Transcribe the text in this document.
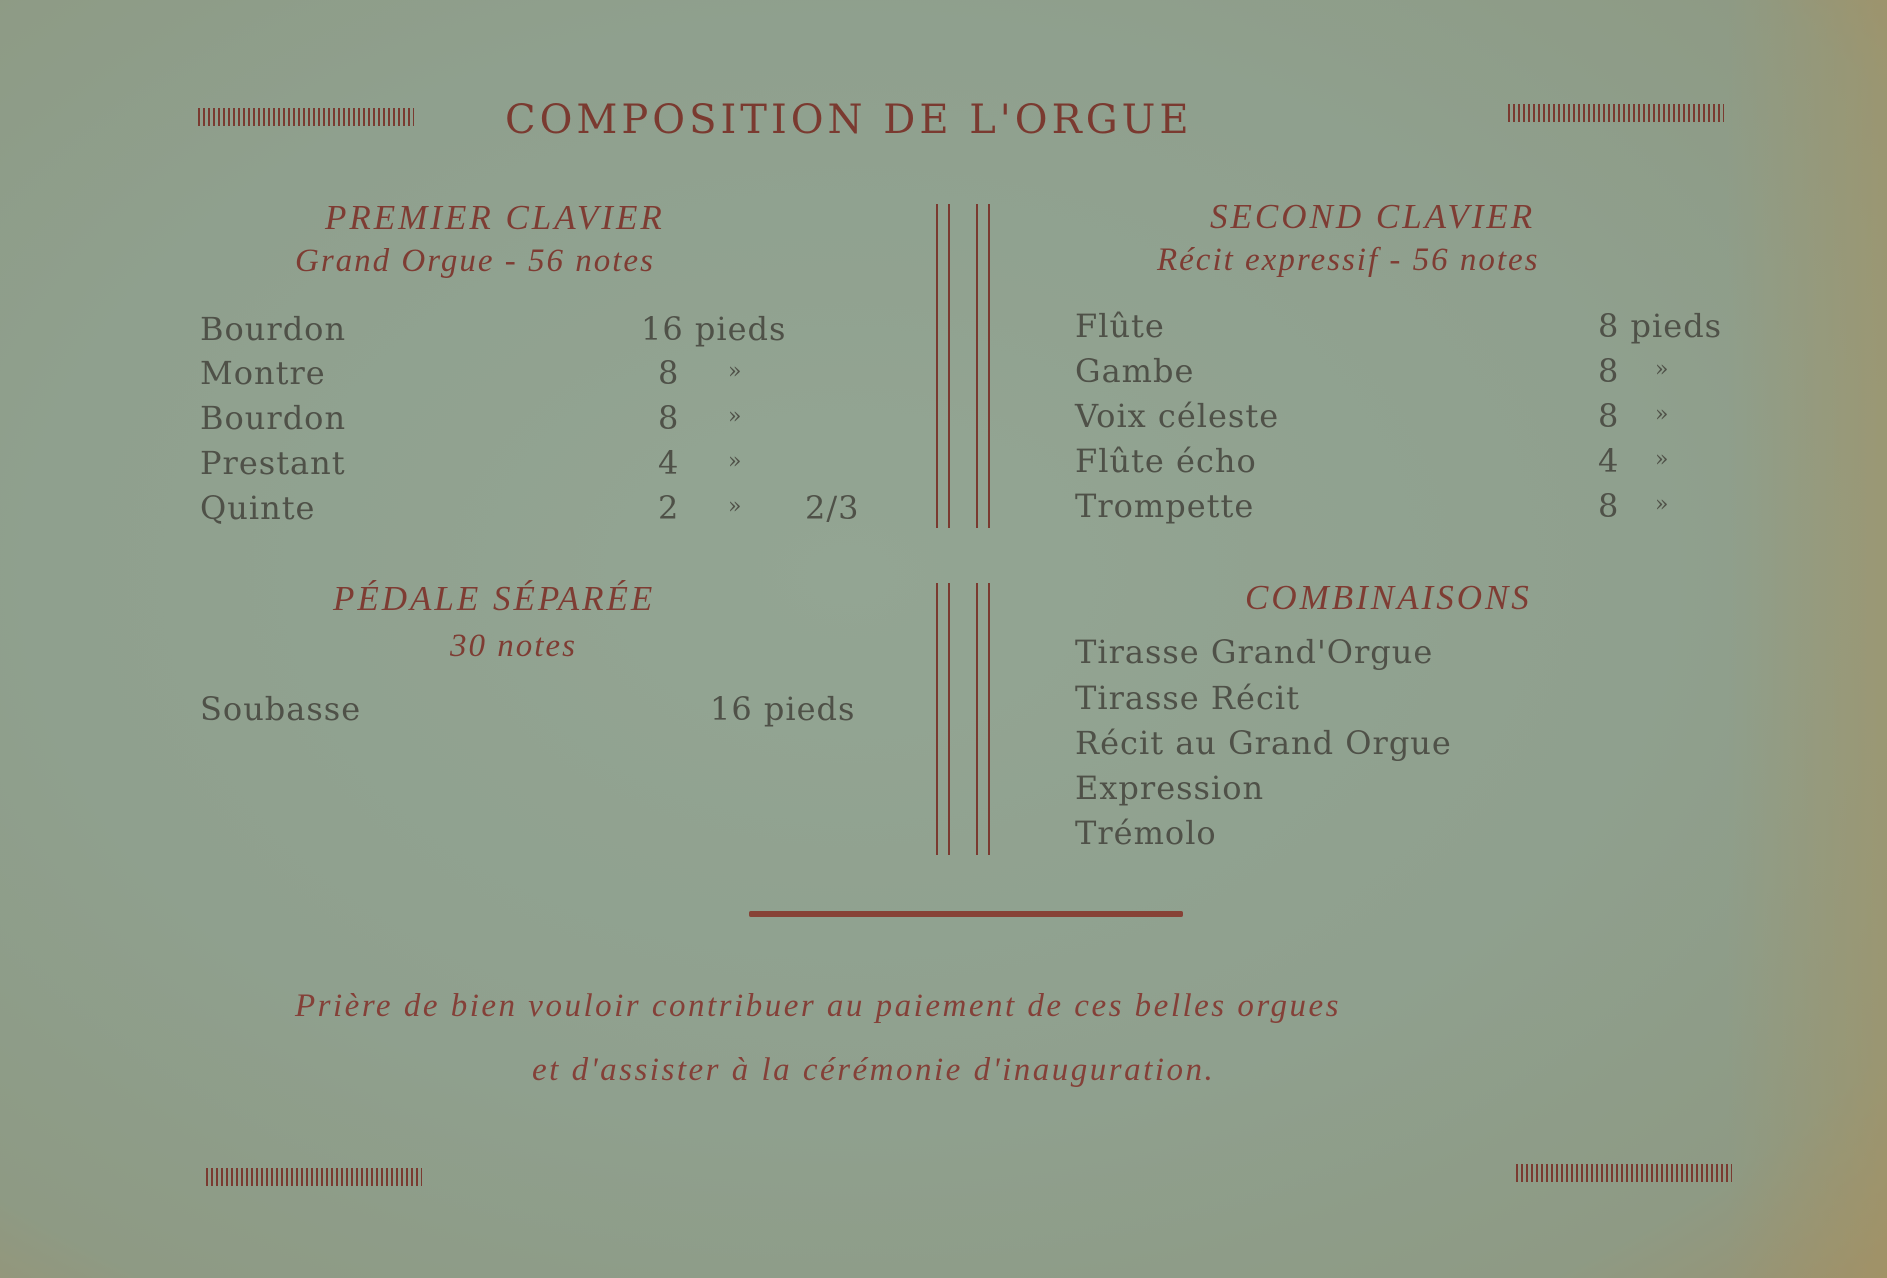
COMPOSITION DE L'ORGUE
PREMIER CLAVIER
Grand Orgue - 56 notes
Bourdon	16 pieds
Montre	8 »
Bourdon	8 »
Prestant	4 »
Quinte	2 » 2/3
SECOND CLAVIER
Récit expressif - 56 notes
Flûte	8 pieds
Gambe	8 »
Voix céleste	8 »
Flûte écho	4 »
Trompette	8 »
PÉDALE SÉPARÉE
30 notes
Soubasse	16 pieds
COMBINAISONS
Tirasse Grand'Orgue
Tirasse Récit
Récit au Grand Orgue
Expression
Trémolo
Prière de bien vouloir contribuer au paiement de ces belles orgues
et d'assister à la cérémonie d'inauguration.
